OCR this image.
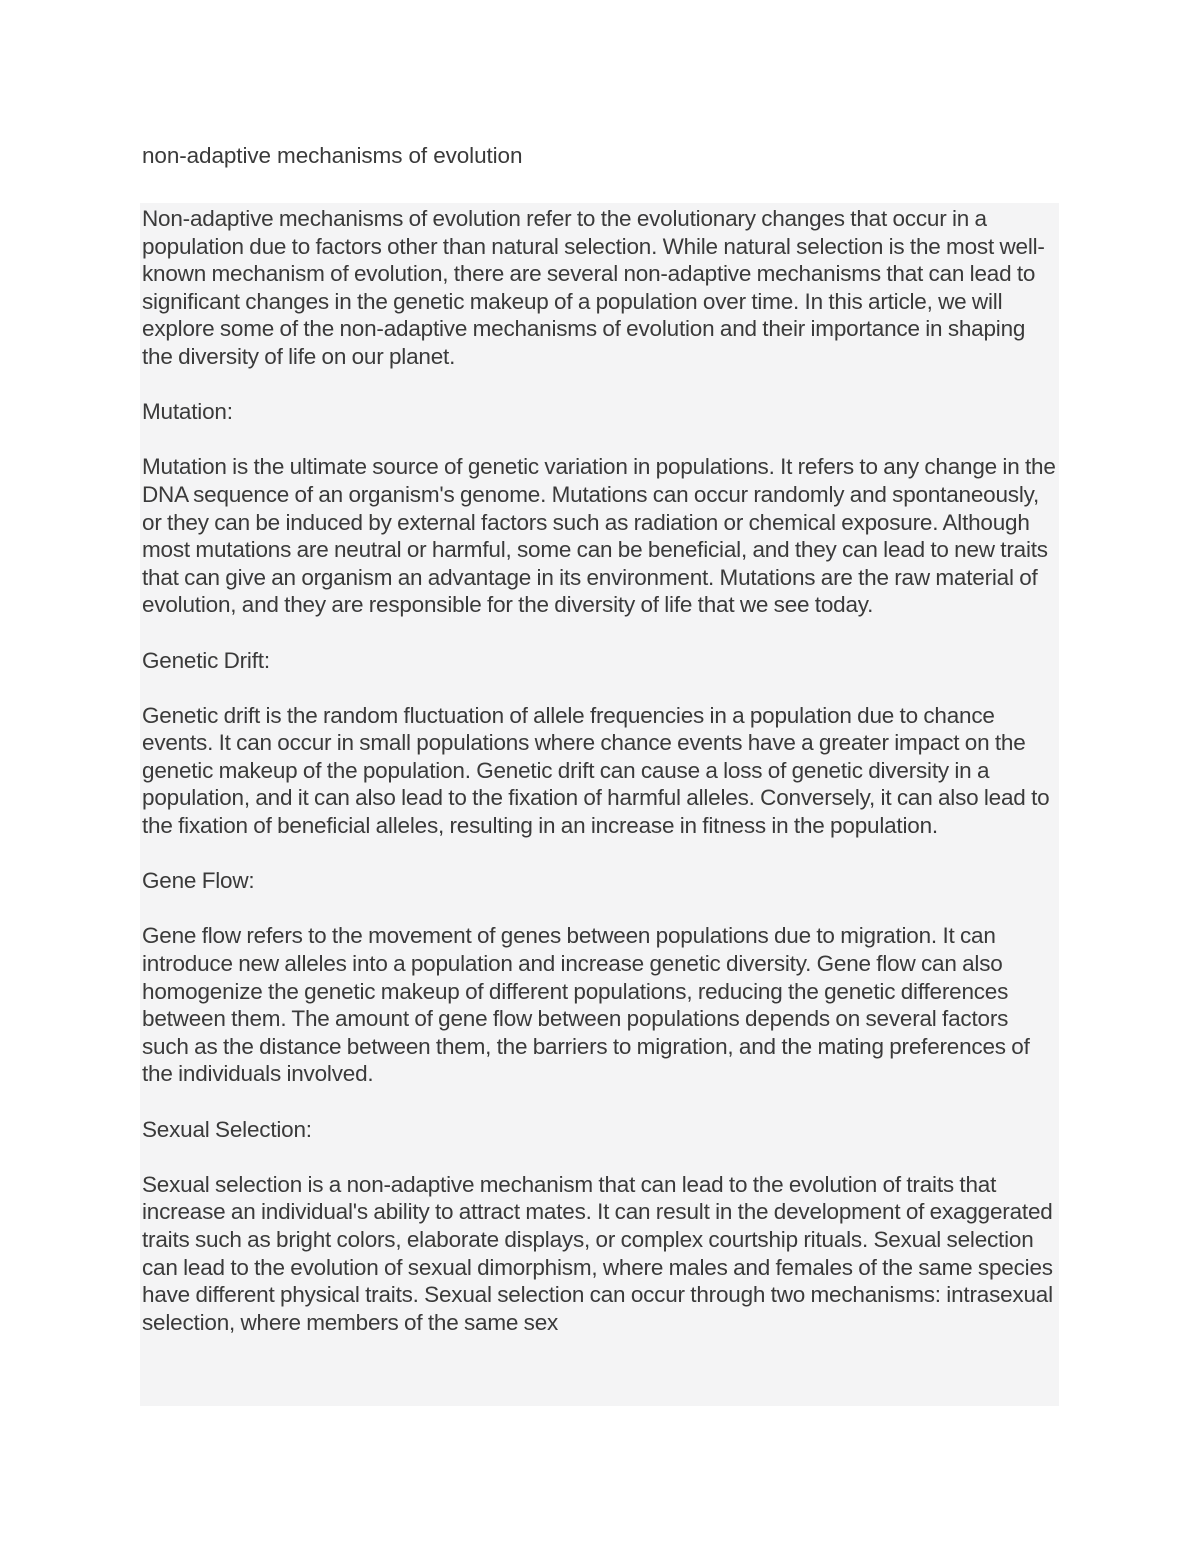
non-adaptive mechanisms of evolution

Non-adaptive mechanisms of evolution refer to the evolutionary changes that occur in a population due to factors other than natural selection. While natural selection is the most well-known mechanism of evolution, there are several non-adaptive mechanisms that can lead to significant changes in the genetic makeup of a population over time. In this article, we will explore some of the non-adaptive mechanisms of evolution and their importance in shaping the diversity of life on our planet.

Mutation:

Mutation is the ultimate source of genetic variation in populations. It refers to any change in the DNA sequence of an organism's genome. Mutations can occur randomly and spontaneously, or they can be induced by external factors such as radiation or chemical exposure. Although most mutations are neutral or harmful, some can be beneficial, and they can lead to new traits that can give an organism an advantage in its environment. Mutations are the raw material of evolution, and they are responsible for the diversity of life that we see today.

Genetic Drift:

Genetic drift is the random fluctuation of allele frequencies in a population due to chance events. It can occur in small populations where chance events have a greater impact on the genetic makeup of the population. Genetic drift can cause a loss of genetic diversity in a population, and it can also lead to the fixation of harmful alleles. Conversely, it can also lead to the fixation of beneficial alleles, resulting in an increase in fitness in the population.

Gene Flow:

Gene flow refers to the movement of genes between populations due to migration. It can introduce new alleles into a population and increase genetic diversity. Gene flow can also homogenize the genetic makeup of different populations, reducing the genetic differences between them. The amount of gene flow between populations depends on several factors such as the distance between them, the barriers to migration, and the mating preferences of the individuals involved.

Sexual Selection:

Sexual selection is a non-adaptive mechanism that can lead to the evolution of traits that increase an individual's ability to attract mates. It can result in the development of exaggerated traits such as bright colors, elaborate displays, or complex courtship rituals. Sexual selection can lead to the evolution of sexual dimorphism, where males and females of the same species have different physical traits. Sexual selection can occur through two mechanisms: intrasexual selection, where members of the same sex
